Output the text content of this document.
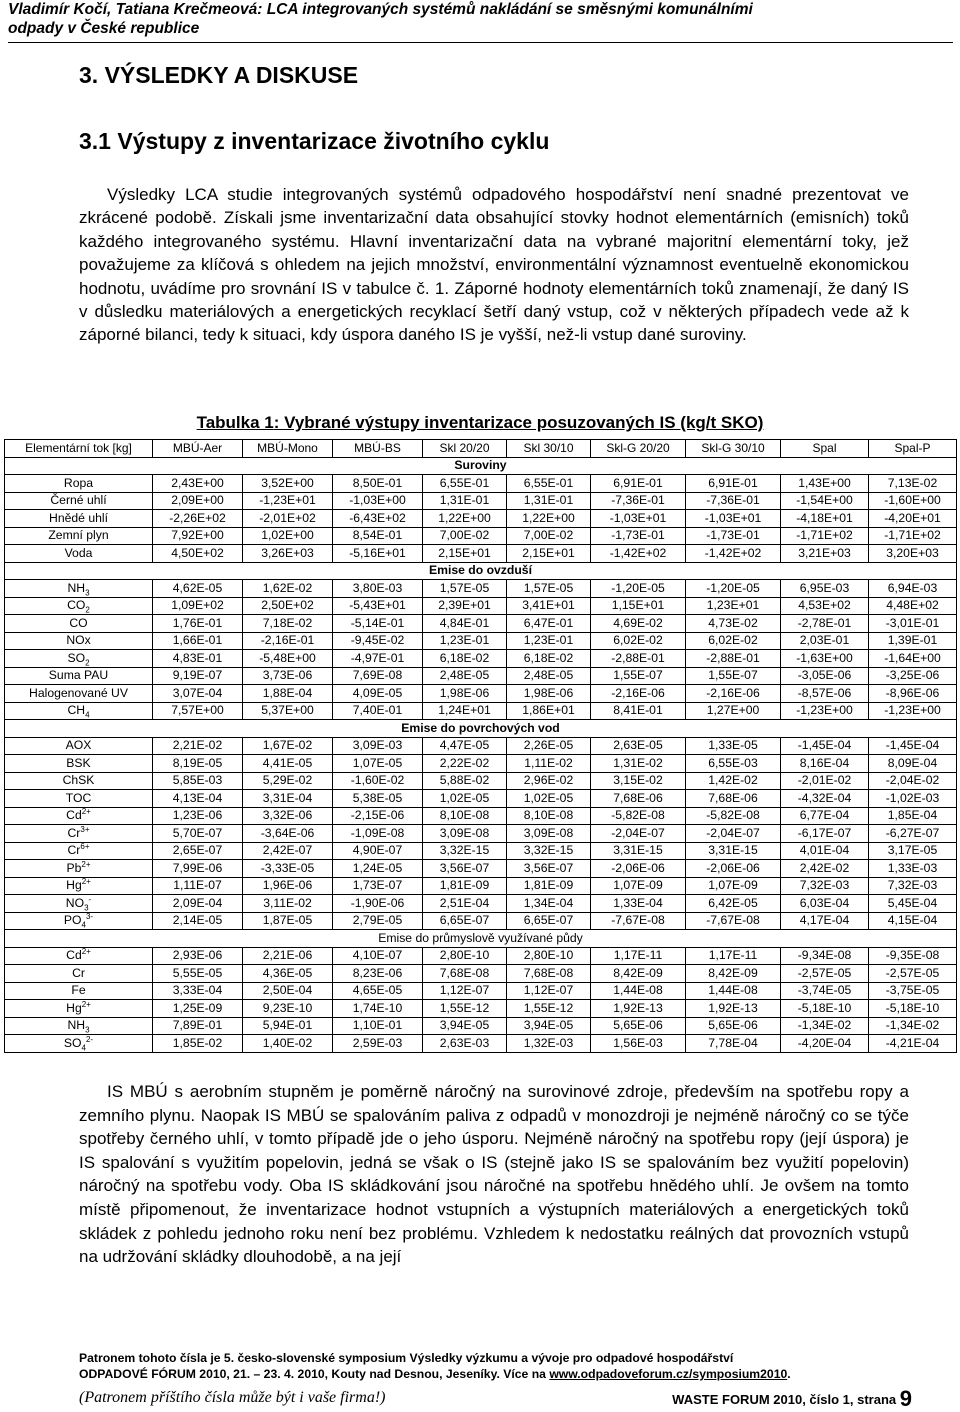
Vladimír Kočí, Tatiana Krečmeová: LCA integrovaných systémů nakládání se směsnými komunálními
odpady v České republice
3. VÝSLEDKY A DISKUSE
3.1 Výstupy z inventarizace životního cyklu

Výsledky LCA studie integrovaných systémů odpadového hospodářství není snadné prezentovat ve zkrácené podobě. Získali jsme inventarizační data obsahující stovky hodnot elementárních (emisních) toků každého integrovaného systému. Hlavní inventarizační data na vybrané majoritní elementární toky, jež považujeme za klíčová s ohledem na jejich množství, environmentální významnost eventuelně ekonomickou hodnotu, uvádíme pro srovnání IS v tabulce č. 1. Záporné hodnoty elementárních toků znamenají, že daný IS v důsledku materiálových a energetických recyklací šetří daný vstup, což v některých případech vede až k záporné bilanci, tedy k situaci, kdy úspora daného IS je vyšší, než-li vstup dané suroviny.

Tabulka 1: Vybrané výstupy inventarizace posuzovaných IS (kg/t SKO)
Elementární tok [kg]	MBÚ-Aer	MBÚ-Mono	MBÚ-BS	Skl 20/20	Skl 30/10	Skl-G 20/20	Skl-G 30/10	Spal	Spal-P
Suroviny									
Ropa	2,43E+00	3,52E+00	8,50E-01	6,55E-01	6,55E-01	6,91E-01	6,91E-01	1,43E+00	7,13E-02
Černé uhlí	2,09E+00	-1,23E+01	-1,03E+00	1,31E-01	1,31E-01	-7,36E-01	-7,36E-01	-1,54E+00	-1,60E+00
Hnědé uhlí	-2,26E+02	-2,01E+02	-6,43E+02	1,22E+00	1,22E+00	-1,03E+01	-1,03E+01	-4,18E+01	-4,20E+01
Zemní plyn	7,92E+00	1,02E+00	8,54E-01	7,00E-02	7,00E-02	-1,73E-01	-1,73E-01	-1,71E+02	-1,71E+02
Voda	4,50E+02	3,26E+03	-5,16E+01	2,15E+01	2,15E+01	-1,42E+02	-1,42E+02	3,21E+03	3,20E+03
Emise do ovzduší									
$NH_3$	4,62E-05	1,62E-02	3,80E-03	1,57E-05	1,57E-05	-1,20E-05	-1,20E-05	6,95E-03	6,94E-03
$CO_2$	1,09E+02	2,50E+02	-5,43E+01	2,39E+01	3,41E+01	1,15E+01	1,23E+01	4,53E+02	4,48E+02
CO	1,76E-01	7,18E-02	-5,14E-01	4,84E-01	6,47E-01	4,69E-02	4,73E-02	-2,78E-01	-3,01E-01
NOx	1,66E-01	-2,16E-01	-9,45E-02	1,23E-01	1,23E-01	6,02E-02	6,02E-02	2,03E-01	1,39E-01
$SO_2$	4,83E-01	-5,48E+00	-4,97E-01	6,18E-02	6,18E-02	-2,88E-01	-2,88E-01	-1,63E+00	-1,64E+00
Suma PAU	9,19E-07	3,73E-06	7,69E-08	2,48E-05	2,48E-05	1,55E-07	1,55E-07	-3,05E-06	-3,25E-06
Halogenované UV	3,07E-04	1,88E-04	4,09E-05	1,98E-06	1,98E-06	-2,16E-06	-2,16E-06	-8,57E-06	-8,96E-06
$CH_4$	7,57E+00	5,37E+00	7,40E-01	1,24E+01	1,86E+01	8,41E-01	1,27E+00	-1,23E+00	-1,23E+00
Emise do povrchových vod									
AOX	2,21E-02	1,67E-02	3,09E-03	4,47E-05	2,26E-05	2,63E-05	1,33E-05	-1,45E-04	-1,45E-04
BSK	8,19E-05	4,41E-05	1,07E-05	2,22E-02	1,11E-02	1,31E-02	6,55E-03	8,16E-04	8,09E-04
ChSK	5,85E-03	5,29E-02	-1,60E-02	5,88E-02	2,96E-02	3,15E-02	1,42E-02	-2,01E-02	-2,04E-02
TOC	4,13E-04	3,31E-04	5,38E-05	1,02E-05	1,02E-05	7,68E-06	7,68E-06	-4,32E-04	-1,02E-03
$Cd^{2+}$	1,23E-06	3,32E-06	-2,15E-06	8,10E-08	8,10E-08	-5,82E-08	-5,82E-08	6,77E-04	1,85E-04
$Cr^{3+}$	5,70E-07	-3,64E-06	-1,09E-08	3,09E-08	3,09E-08	-2,04E-07	-2,04E-07	-6,17E-07	-6,27E-07
$Cr^{6+}$	2,65E-07	2,42E-07	4,90E-07	3,32E-15	3,32E-15	3,31E-15	3,31E-15	4,01E-04	3,17E-05
$Pb^{2+}$	7,99E-06	-3,33E-05	1,24E-05	3,56E-07	3,56E-07	-2,06E-06	-2,06E-06	2,42E-02	1,33E-03
$Hg^{2+}$	1,11E-07	1,96E-06	1,73E-07	1,81E-09	1,81E-09	1,07E-09	1,07E-09	7,32E-03	7,32E-03
$NO_3^-$	2,09E-04	3,11E-02	-1,90E-06	2,51E-04	1,34E-04	1,33E-04	6,42E-05	6,03E-04	5,45E-04
$PO_4^{3-}$	2,14E-05	1,87E-05	2,79E-05	6,65E-07	6,65E-07	-7,67E-08	-7,67E-08	4,17E-04	4,15E-04
Emise do průmyslově využívané půdy									
$Cd^{2+}$	2,93E-06	2,21E-06	4,10E-07	2,80E-10	2,80E-10	1,17E-11	1,17E-11	-9,34E-08	-9,35E-08
Cr	5,55E-05	4,36E-05	8,23E-06	7,68E-08	7,68E-08	8,42E-09	8,42E-09	-2,57E-05	-2,57E-05
Fe	3,33E-04	2,50E-04	4,65E-05	1,12E-07	1,12E-07	1,44E-08	1,44E-08	-3,74E-05	-3,75E-05
$Hg^{2+}$	1,25E-09	9,23E-10	1,74E-10	1,55E-12	1,55E-12	1,92E-13	1,92E-13	-5,18E-10	-5,18E-10
$NH_3$	7,89E-01	5,94E-01	1,10E-01	3,94E-05	3,94E-05	5,65E-06	5,65E-06	-1,34E-02	-1,34E-02
$SO_4^{2-}$	1,85E-02	1,40E-02	2,59E-03	2,63E-03	1,32E-03	1,56E-03	7,78E-04	-4,20E-04	-4,21E-04

IS MBÚ s aerobním stupněm je poměrně náročný na surovinové zdroje, především na spotřebu ropy a zemního plynu. Naopak IS MBÚ se spalováním paliva z odpadů v monozdroji je nejméně náročný co se týče spotřeby černého uhlí, v tomto případě jde o jeho úsporu. Nejméně náročný na spotřebu ropy (její úspora) je IS spalování s využitím popelovin, jedná se však o IS (stejně jako IS se spalováním bez využití popelovin) náročný na spotřebu vody. Oba IS skládkování jsou náročné na spotřebu hnědého uhlí. Je ovšem na tomto místě připomenout, že inventarizace hodnot vstupních a výstupních materiálových a energetických toků skládek z pohledu jednoho roku není bez problému. Vzhledem k nedostatku reálných dat provozních vstupů na udržování skládky dlouhodobě, a na její

Patronem tohoto čísla je 5. česko-slovenské symposium Výsledky výzkumu a vývoje pro odpadové hospodářství
ODPADOVÉ FÓRUM 2010, 21. – 23. 4. 2010, Kouty nad Desnou, Jeseníky. Více na www.odpadoveforum.cz/symposium2010.
(Patronem příštího čísla může být i vaše firma!)	WASTE FORUM 2010, číslo 1, strana 9
